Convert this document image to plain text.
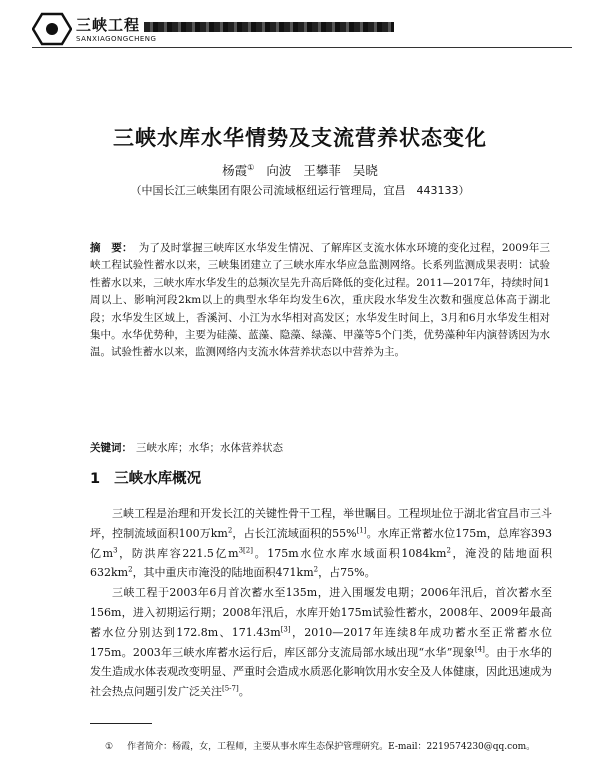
三峡工程
SANXIAGONGCHENG
三峡水库水华情势及支流营养状态变化
杨霞① 向波 王攀菲 吴晓
（中国长江三峡集团有限公司流域枢纽运行管理局，宜昌　443133）
摘　要： 为了及时掌握三峡库区水华发生情况、了解库区支流水体水环境的变化过程，2009年三峡工程试验性蓄水以来，三峡集团建立了三峡水库水华应急监测网络。长系列监测成果表明：试验性蓄水以来，三峡水库水华发生的总频次呈先升高后降低的变化过程。2011—2017年，持续时间1周以上、影响河段2km以上的典型水华年均发生6次，重庆段水华发生次数和强度总体高于湖北段；水华发生区域上，香溪河、小江为水华相对高发区；水华发生时间上，3月和6月水华发生相对集中。水华优势种，主要为硅藻、蓝藻、隐藻、绿藻、甲藻等5个门类，优势藻种年内演替诱因为水温。试验性蓄水以来，监测网络内支流水体营养状态以中营养为主。
关键词： 三峡水库；水华；水体营养状态
1 三峡水库概况

三峡工程是治理和开发长江的关键性骨干工程，举世瞩目。工程坝址位于湖北省宜昌市三斗坪，控制流域面积100万$km^2$，占长江流域面积的55%[1]。水库正常蓄水位175m，总库容393亿$m^3$，防洪库容221.5亿$m^{3[2]}$。175m水位水库水域面积$1084km^2$，淹没的陆地面积$632km^2$，其中重庆市淹没的陆地面积$471km^2$，占75%。

三峡工程于2003年6月首次蓄水至135m，进入围堰发电期；2006年汛后，首次蓄水至156m，进入初期运行期；2008年汛后，水库开始175m试验性蓄水，2008年、2009年最高蓄水位分别达到172.8m、171.43m[3]，2010—2017年连续8年成功蓄水至正常蓄水位175m。2003年三峡水库蓄水运行后，库区部分支流局部水域出现“水华”现象[4]。由于水华的发生造成水体表观改变明显、严重时会造成水质恶化影响饮用水安全及人体健康，因此迅速成为社会热点问题引发广泛关注[5-7]。

① 作者简介：杨霞，女，工程师，主要从事水库生态保护管理研究。E-mail：2219574230@qq.com。
